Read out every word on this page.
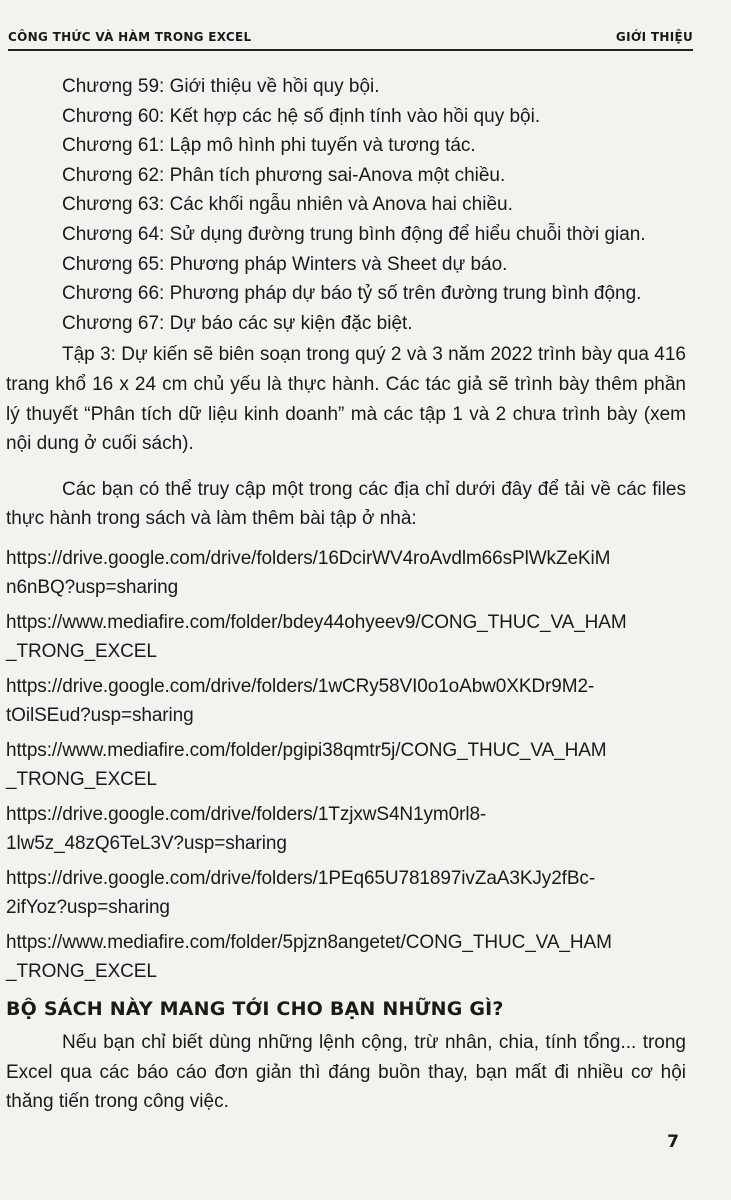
CÔNG THỨC VÀ HÀM TRONG EXCEL	GIỚI THIỆU
Chương 59: Giới thiệu về hồi quy bội.
Chương 60: Kết hợp các hệ số định tính vào hồi quy bội.
Chương 61: Lập mô hình phi tuyến và tương tác.
Chương 62: Phân tích phương sai-Anova một chiều.
Chương 63: Các khối ngẫu nhiên và Anova hai chiều.
Chương 64: Sử dụng đường trung bình động để hiểu chuỗi thời gian.
Chương 65: Phương pháp Winters và Sheet dự báo.
Chương 66: Phương pháp dự báo tỷ số trên đường trung bình động.
Chương 67: Dự báo các sự kiện đặc biệt.

Tập 3: Dự kiến sẽ biên soạn trong quý 2 và 3 năm 2022 trình bày qua 416 trang khổ 16 x 24 cm chủ yếu là thực hành. Các tác giả sẽ trình bày thêm phần lý thuyết “Phân tích dữ liệu kinh doanh” mà các tập 1 và 2 chưa trình bày (xem nội dung ở cuối sách).

Các bạn có thể truy cập một trong các địa chỉ dưới đây để tải về các files thực hành trong sách và làm thêm bài tập ở nhà:

https://drive.google.com/drive/folders/16DcirWV4roAvdlm66sPlWkZeKiM
n6nBQ?usp=sharing
https://www.mediafire.com/folder/bdey44ohyeev9/CONG_THUC_VA_HAM
_TRONG_EXCEL
https://drive.google.com/drive/folders/1wCRy58VI0o1oAbw0XKDr9M2-
tOilSEud?usp=sharing
https://www.mediafire.com/folder/pgipi38qmtr5j/CONG_THUC_VA_HAM
_TRONG_EXCEL
https://drive.google.com/drive/folders/1TzjxwS4N1ym0rl8-
1lw5z_48zQ6TeL3V?usp=sharing
https://drive.google.com/drive/folders/1PEq65U781897ivZaA3KJy2fBc-
2ifYoz?usp=sharing
https://www.mediafire.com/folder/5pjzn8angetet/CONG_THUC_VA_HAM
_TRONG_EXCEL
BỘ SÁCH NÀY MANG TỚI CHO BẠN NHỮNG GÌ?

Nếu bạn chỉ biết dùng những lệnh cộng, trừ nhân, chia, tính tổng... trong Excel qua các báo cáo đơn giản thì đáng buồn thay, bạn mất đi nhiều cơ hội thăng tiến trong công việc.

7
